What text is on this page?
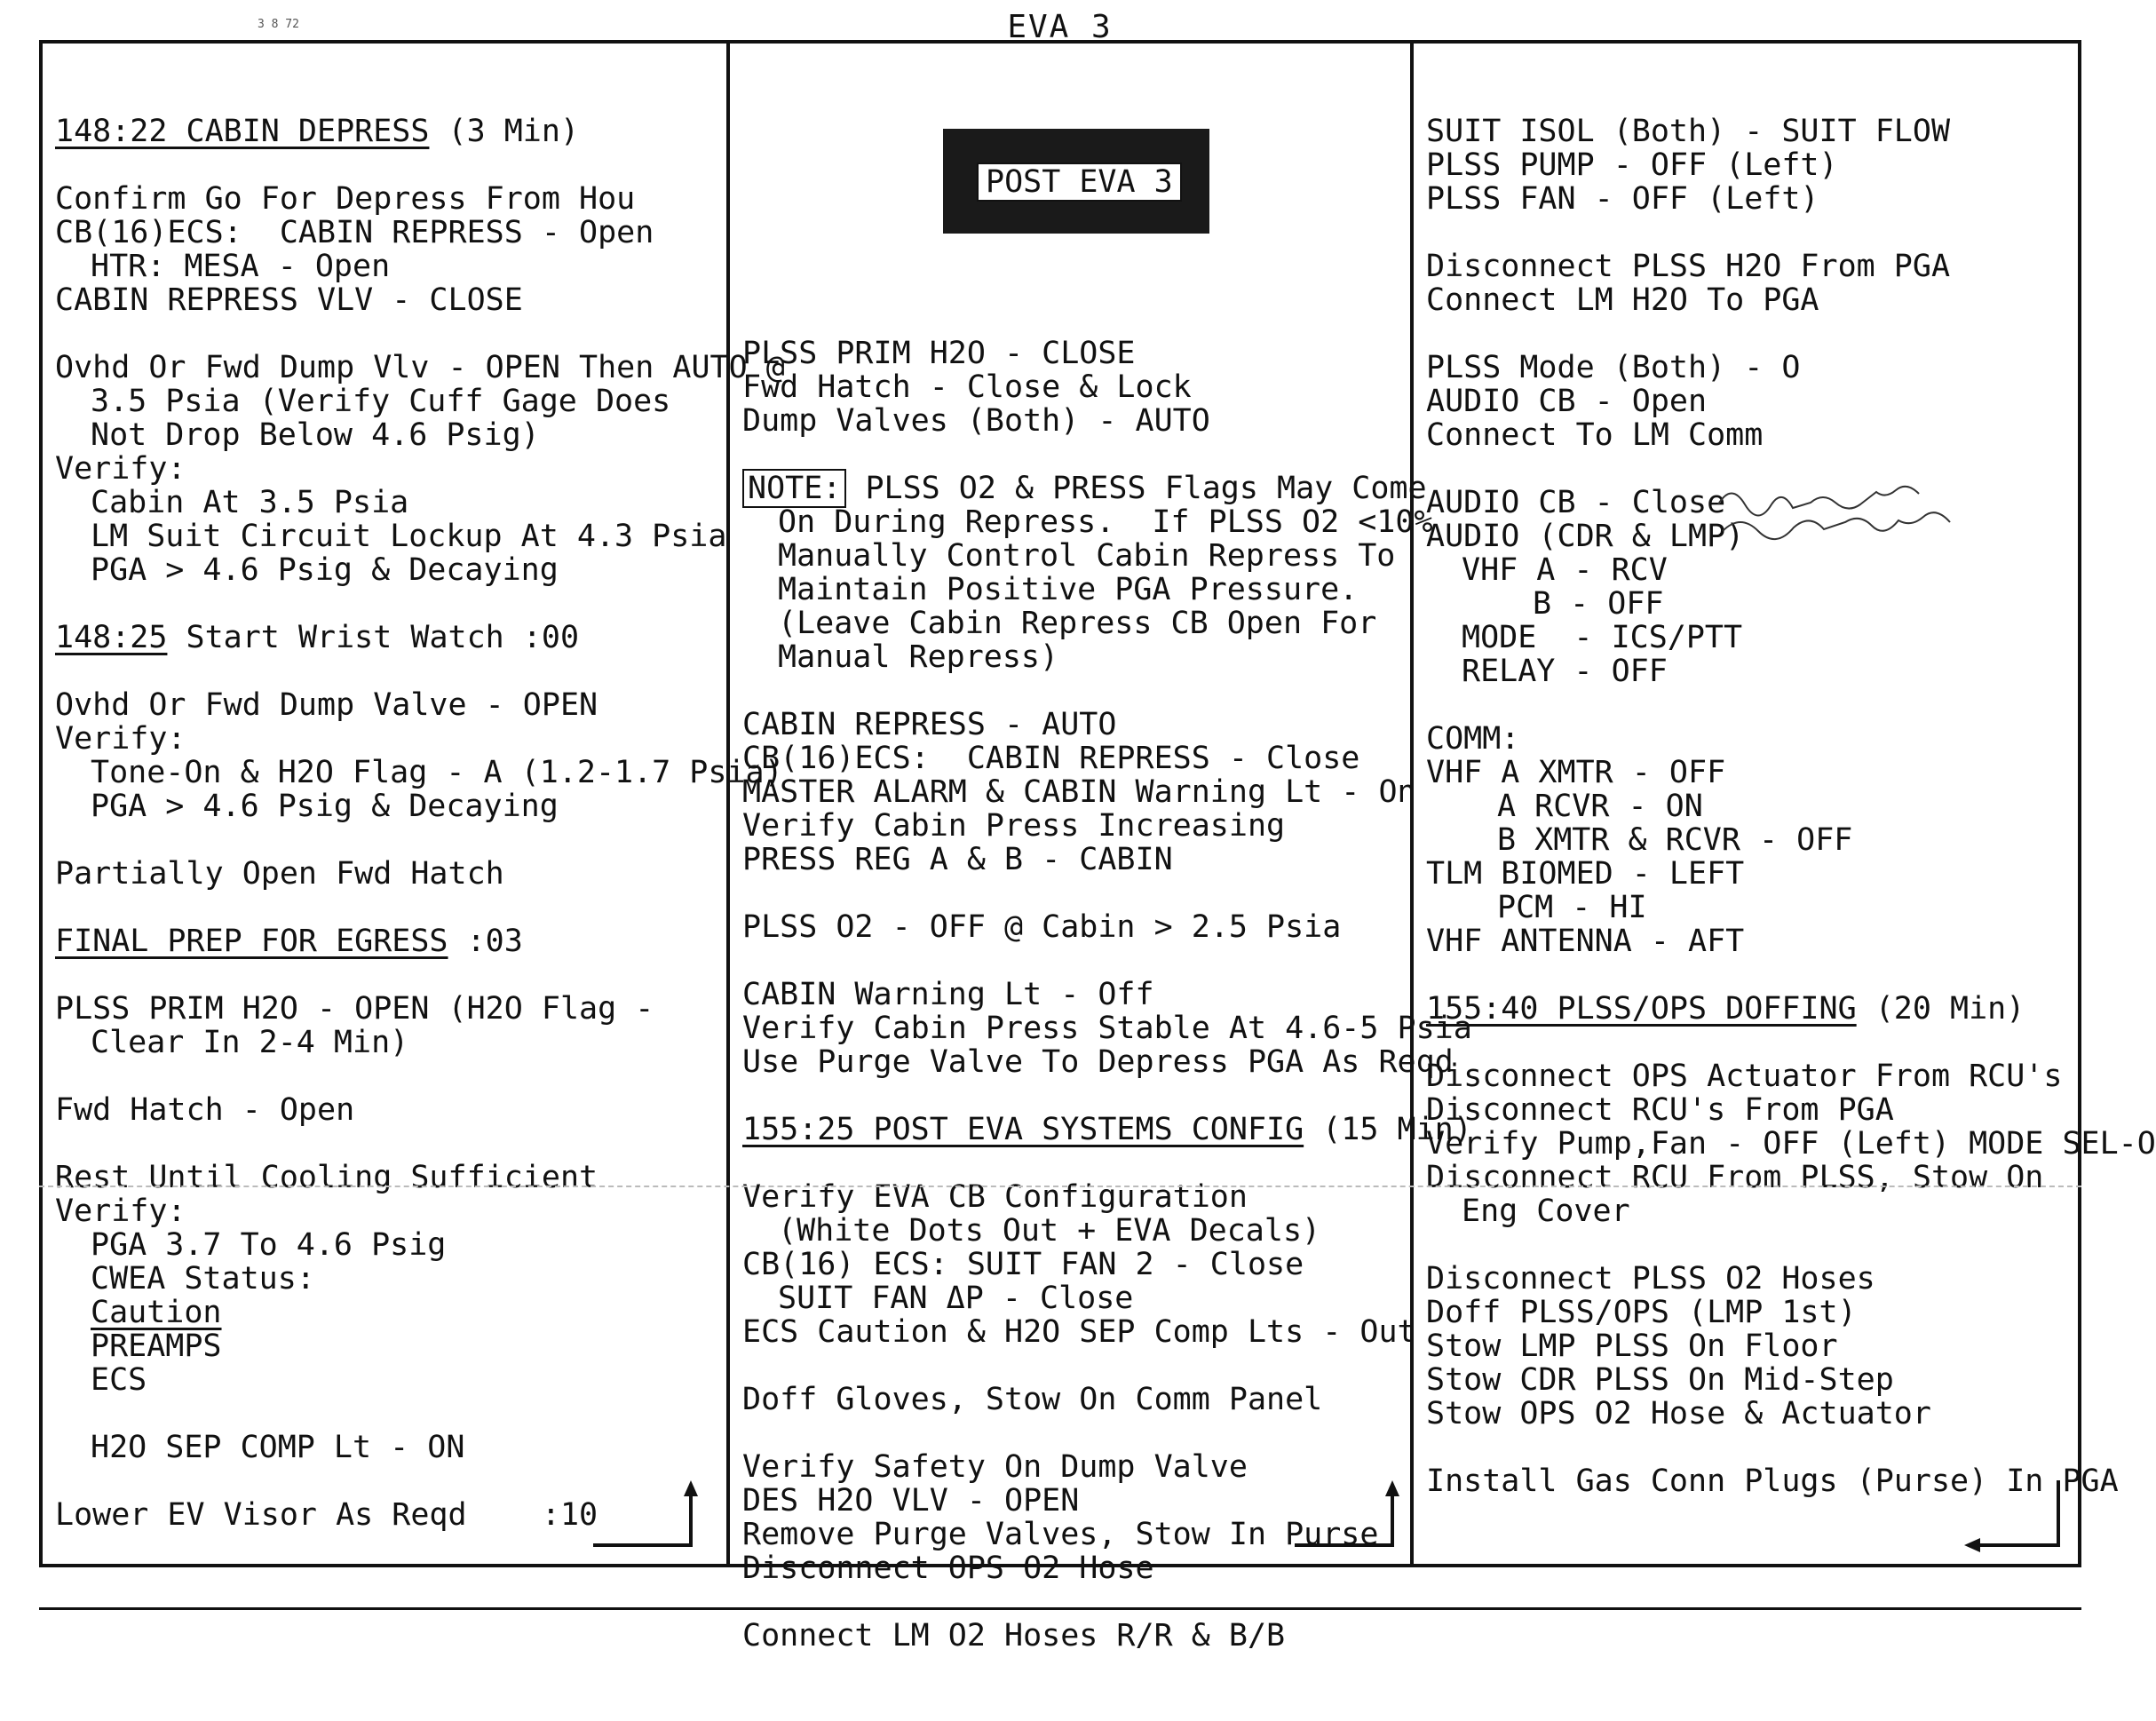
3 8 72	EVA 3
148:22 CABIN DEPRESS (3 Min)
Confirm Go For Depress From Hou
CB(16)ECS:  CABIN REPRESS - Open
HTR: MESA - Open
CABIN REPRESS VLV - CLOSE
Ovhd Or Fwd Dump Vlv - OPEN Then AUTO @
3.5 Psia (Verify Cuff Gage Does
Not Drop Below 4.6 Psig)
Verify:
Cabin At 3.5 Psia
LM Suit Circuit Lockup At 4.3 Psia
PGA > 4.6 Psig & Decaying
148:25 Start Wrist Watch :00
Ovhd Or Fwd Dump Valve - OPEN
Verify:
Tone-On & H2O Flag - A (1.2-1.7 Psia)
PGA > 4.6 Psig & Decaying
Partially Open Fwd Hatch
FINAL PREP FOR EGRESS :03
PLSS PRIM H2O - OPEN (H2O Flag -
Clear In 2-4 Min)
Fwd Hatch - Open
Rest Until Cooling Sufficient
Verify:
PGA 3.7 To 4.6 Psig
CWEA Status:
Caution
PREAMPS
ECS
H2O SEP COMP Lt - ON
Lower EV Visor As Reqd    :10

POST EVA 3

PLSS PRIM H2O - CLOSE
Fwd Hatch - Close & Lock
Dump Valves (Both) - AUTO
NOTE: PLSS O2 & PRESS Flags May Come
On During Repress.  If PLSS O2 <10%
Manually Control Cabin Repress To
Maintain Positive PGA Pressure.
(Leave Cabin Repress CB Open For
Manual Repress)
CABIN REPRESS - AUTO
CB(16)ECS:  CABIN REPRESS - Close
MASTER ALARM & CABIN Warning Lt - On
Verify Cabin Press Increasing
PRESS REG A & B - CABIN
PLSS O2 - OFF @ Cabin > 2.5 Psia
CABIN Warning Lt - Off
Verify Cabin Press Stable At 4.6-5 Psia
Use Purge Valve To Depress PGA As Reqd
155:25 POST EVA SYSTEMS CONFIG (15 Min)
Verify EVA CB Configuration
(White Dots Out + EVA Decals)
CB(16) ECS: SUIT FAN 2 - Close
SUIT FAN ΔP - Close
ECS Caution & H2O SEP Comp Lts - Out
Doff Gloves, Stow On Comm Panel
Verify Safety On Dump Valve
DES H2O VLV - OPEN
Remove Purge Valves, Stow In Purse
Disconnect OPS O2 Hose
Connect LM O2 Hoses R/R & B/B

SUIT ISOL (Both) - SUIT FLOW
PLSS PUMP - OFF (Left)
PLSS FAN - OFF (Left)
Disconnect PLSS H2O From PGA
Connect LM H2O To PGA
PLSS Mode (Both) - O
AUDIO CB - Open
Connect To LM Comm
AUDIO CB - Close
AUDIO (CDR & LMP)
VHF A - RCV
B - OFF
MODE  - ICS/PTT
RELAY - OFF
COMM:
VHF A XMTR - OFF
A RCVR - ON
B XMTR & RCVR - OFF
TLM BIOMED - LEFT
PCM - HI
VHF ANTENNA - AFT
155:40 PLSS/OPS DOFFING (20 Min)
Disconnect OPS Actuator From RCU's
Disconnect RCU's From PGA
Verify Pump,Fan - OFF (Left) MODE SEL-O
Disconnect RCU From PLSS, Stow On
Eng Cover
Disconnect PLSS O2 Hoses
Doff PLSS/OPS (LMP 1st)
Stow LMP PLSS On Floor
Stow CDR PLSS On Mid-Step
Stow OPS O2 Hose & Actuator
Install Gas Conn Plugs (Purse) In PGA
